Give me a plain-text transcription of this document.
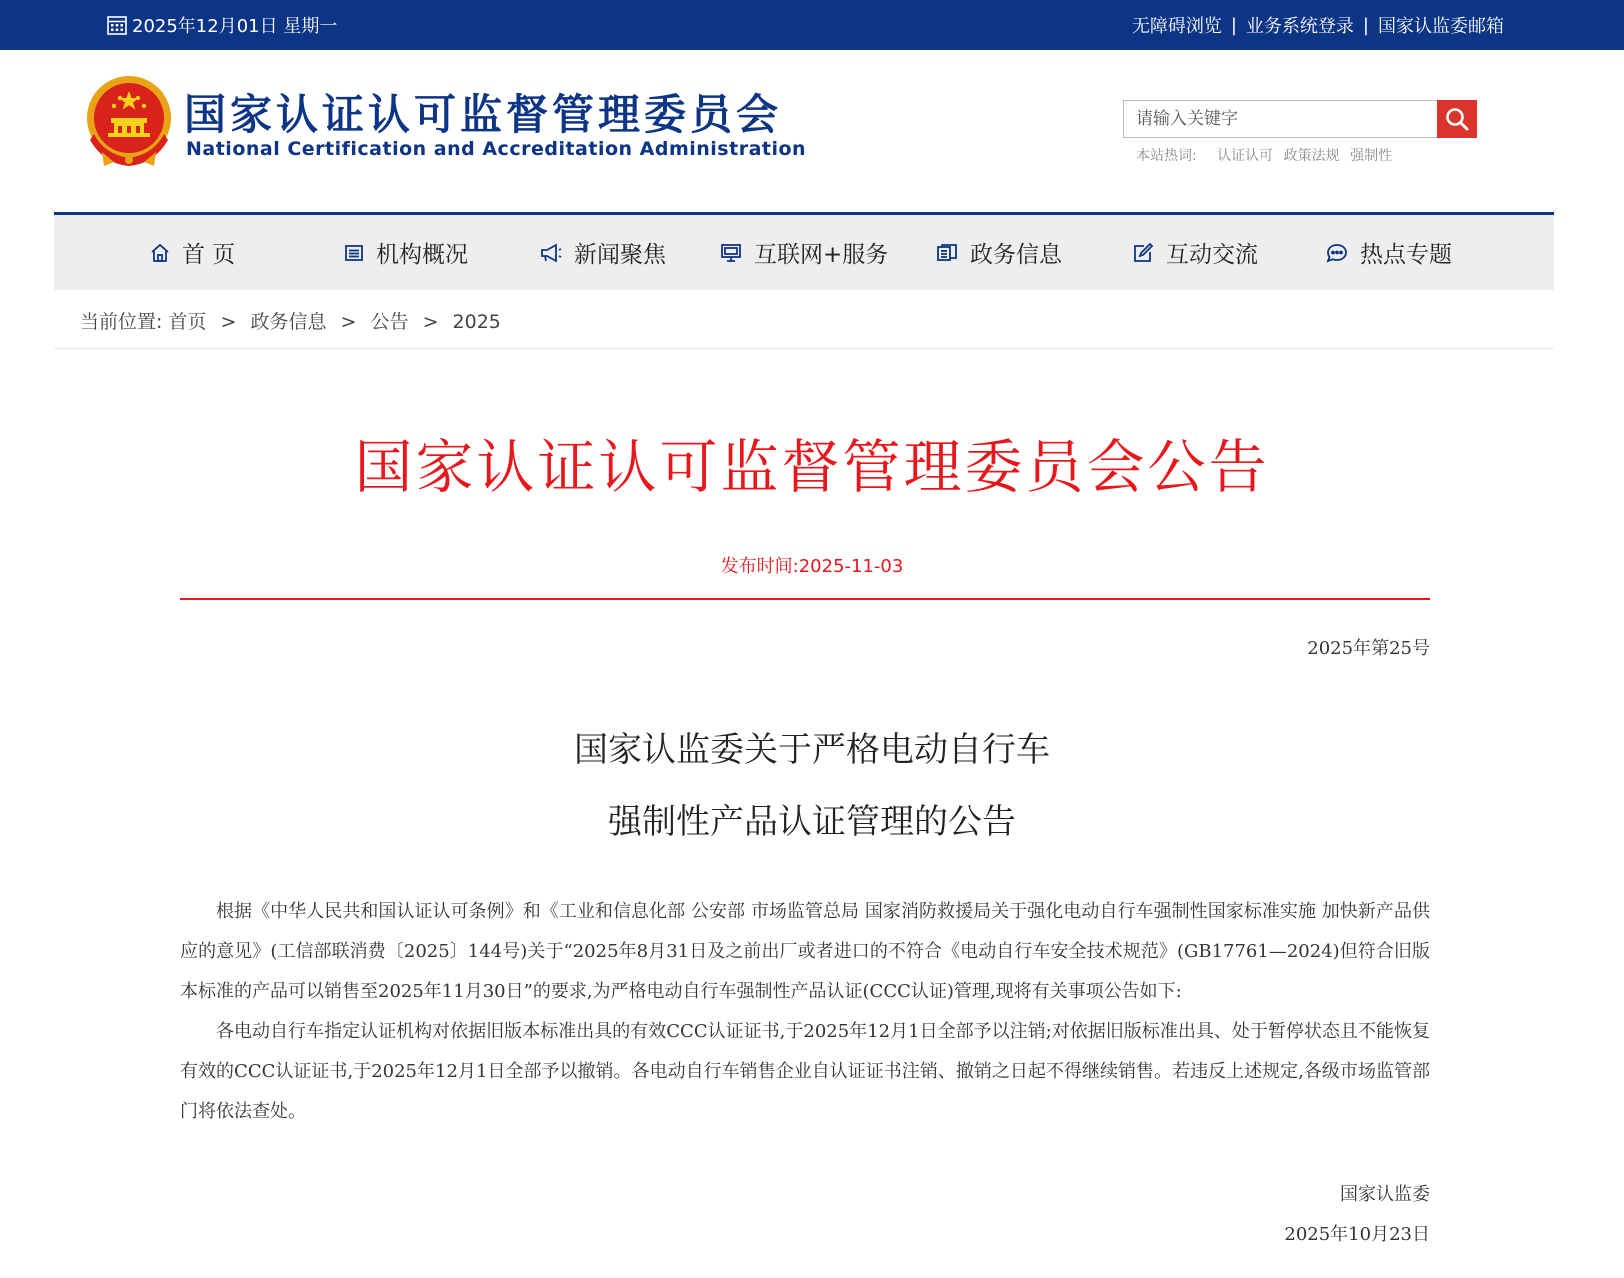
2025年12月01日 星期一	无障碍浏览 | 业务系统登录 | 国家认监委邮箱
国家认证认可监督管理委员会
National Certification and Accreditation Administration
请输入关键字	本站热词: 认证认可 政策法规 强制性
首 页	机构概况	新闻聚焦	互联网+服务	政务信息	互动交流	热点专题
当前位置: 首页 > 政务信息 > 公告 > 2025
国家认证认可监督管理委员会公告
发布时间:2025-11-03
2025年第25号
国家认监委关于严格电动自行车
强制性产品认证管理的公告

根据《中华人民共和国认证认可条例》和《工业和信息化部 公安部 市场监管总局 国家消防救援局关于强化电动自行车强制性国家标准实施 加快新产品供应的意见》(工信部联消费〔2025〕144号)关于“2025年8月31日及之前出厂或者进口的不符合《电动自行车安全技术规范》(GB17761—2024)但符合旧版本标准的产品可以销售至2025年11月30日”的要求,为严格电动自行车强制性产品认证(CCC认证)管理,现将有关事项公告如下:

各电动自行车指定认证机构对依据旧版本标准出具的有效CCC认证证书,于2025年12月1日全部予以注销;对依据旧版标准出具、处于暂停状态且不能恢复有效的CCC认证证书,于2025年12月1日全部予以撤销。各电动自行车销售企业自认证证书注销、撤销之日起不得继续销售。若违反上述规定,各级市场监管部门将依法查处。

国家认监委
2025年10月23日
